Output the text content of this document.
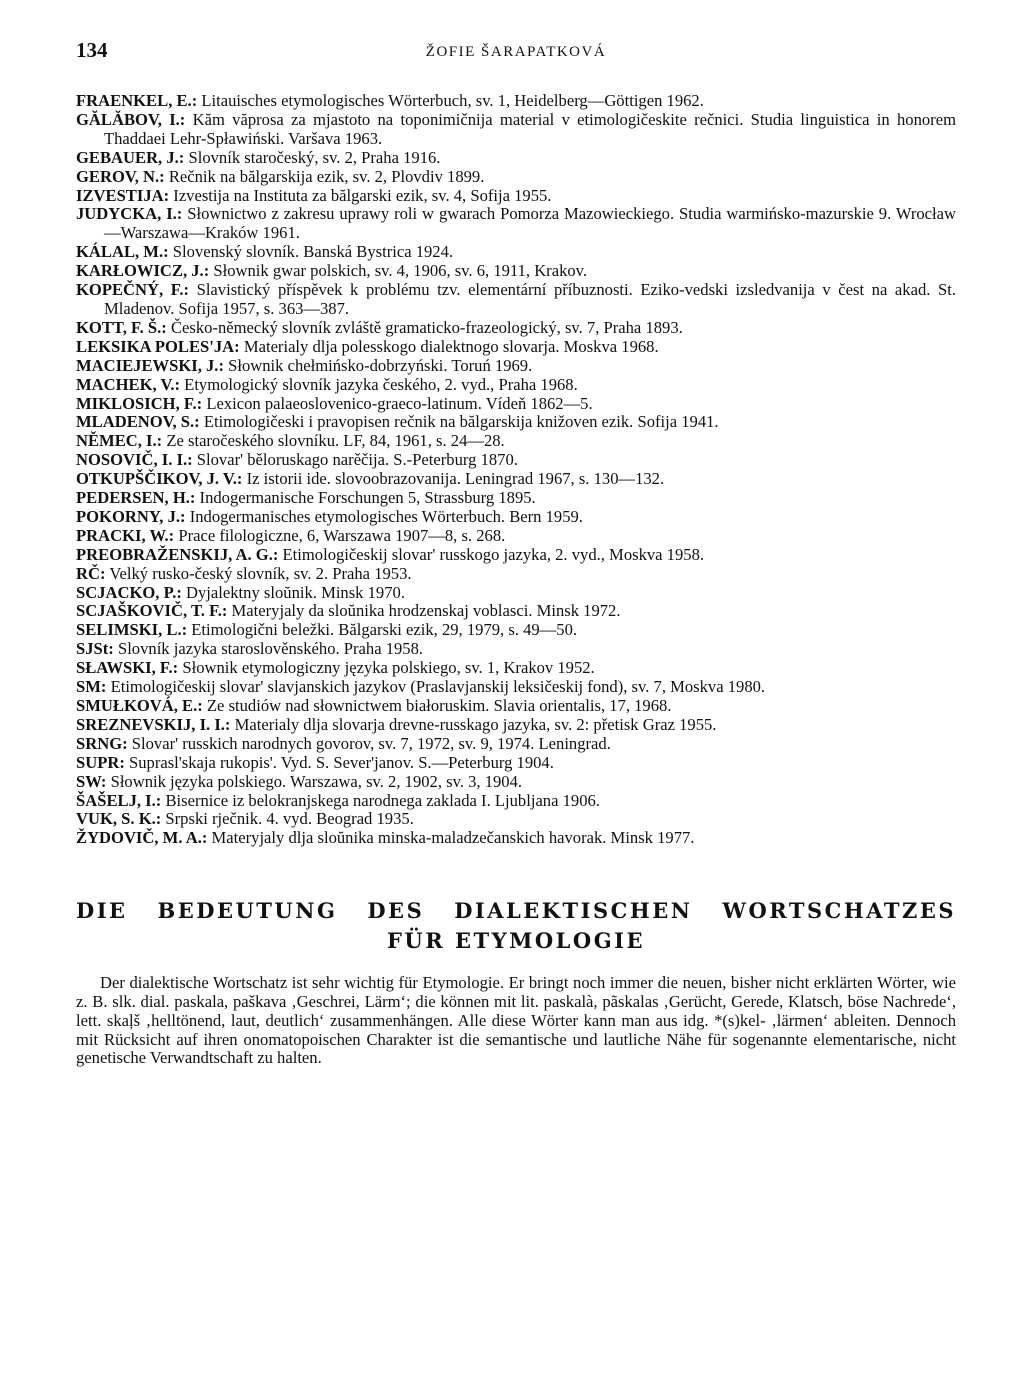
134	ŽOFIE ŠARAPATKOVÁ
FRAENKEL, E.: Litauisches etymologisches Wörterbuch, sv. 1, Heidelberg—Göttigen 1962.
GĂLĂBOV, I.: Kăm văprosa za mjastoto na toponimičnija material v etimologičeskite rečnici. Studia linguistica in honorem Thaddaei Lehr-Spławiński. Varšava 1963.
GEBAUER, J.: Slovník staročeský, sv. 2, Praha 1916.
GEROV, N.: Rečnik na bălgarskija ezik, sv. 2, Plovdiv 1899.
IZVESTIJA: Izvestija na Instituta za bălgarski ezik, sv. 4, Sofija 1955.
JUDYCKA, I.: Słownictwo z zakresu uprawy roli w gwarach Pomorza Mazowieckiego. Studia warmińsko-mazurskie 9. Wrocław—Warszawa—Kraków 1961.
KÁLAL, M.: Slovenský slovník. Banská Bystrica 1924.
KARŁOWICZ, J.: Słownik gwar polskich, sv. 4, 1906, sv. 6, 1911, Krakov.
KOPEČNÝ, F.: Slavistický příspěvek k problému tzv. elementární příbuznosti. Eziko-vedski izsledvanija v čest na akad. St. Mladenov. Sofija 1957, s. 363—387.
KOTT, F. Š.: Česko-německý slovník zvláště gramaticko-frazeologický, sv. 7, Praha 1893.
LEKSIKA POLES'JA: Materialy dlja polesskogo dialektnogo slovarja. Moskva 1968.
MACIEJEWSKI, J.: Słownik chełmińsko-dobrzyński. Toruń 1969.
MACHEK, V.: Etymologický slovník jazyka českého, 2. vyd., Praha 1968.
MIKLOSICH, F.: Lexicon palaeoslovenico-graeco-latinum. Vídeň 1862—5.
MLADENOV, S.: Etimologičeski i pravopisen rečnik na bălgarskija knižoven ezik. Sofija 1941.
NĚMEC, I.: Ze staročeského slovníku. LF, 84, 1961, s. 24—28.
NOSOVIČ, I. I.: Slovar' běloruskago narěčija. S.-Peterburg 1870.
OTKUPŠČIKOV, J. V.: Iz istorii ide. slovoobrazovanija. Leningrad 1967, s. 130—132.
PEDERSEN, H.: Indogermanische Forschungen 5, Strassburg 1895.
POKORNY, J.: Indogermanisches etymologisches Wörterbuch. Bern 1959.
PRACKI, W.: Prace filologiczne, 6, Warszawa 1907—8, s. 268.
PREOBRAŽENSKIJ, A. G.: Etimologičeskij slovar' russkogo jazyka, 2. vyd., Moskva 1958.
RČ: Velký rusko-český slovník, sv. 2. Praha 1953.
SCJACKO, P.: Dyjalektny sloŭnik. Minsk 1970.
SCJAŠKOVIČ, T. F.: Materyjaly da sloŭnika hrodzenskaj voblasci. Minsk 1972.
SELIMSKI, L.: Etimologični beležki. Bălgarski ezik, 29, 1979, s. 49—50.
SJSt: Slovník jazyka staroslověnského. Praha 1958.
SŁAWSKI, F.: Słownik etymologiczny języka polskiego, sv. 1, Krakov 1952.
SM: Etimologičeskij slovar' slavjanskich jazykov (Praslavjanskij leksičeskij fond), sv. 7, Moskva 1980.
SMUŁKOVÁ, E.: Ze studiów nad słownictwem białoruskim. Slavia orientalis, 17, 1968.
SREZNEVSKIJ, I. I.: Materialy dlja slovarja drevne-russkago jazyka, sv. 2: přetisk Graz 1955.
SRNG: Slovar' russkich narodnych govorov, sv. 7, 1972, sv. 9, 1974. Leningrad.
SUPR: Suprasl'skaja rukopis'. Vyd. S. Sever'janov. S.—Peterburg 1904.
SW: Słownik języka polskiego. Warszawa, sv. 2, 1902, sv. 3, 1904.
ŠAŠELJ, I.: Bisernice iz belokranjskega narodnega zaklada I. Ljubljana 1906.
VUK, S. K.: Srpski rječnik. 4. vyd. Beograd 1935.
ŽYDOVIČ, M. A.: Materyjaly dlja sloŭnika minska-maladzečanskich havorak. Minsk 1977.
DIE BEDEUTUNG DES DIALEKTISCHEN WORTSCHATZES
FÜR ETYMOLOGIE

Der dialektische Wortschatz ist sehr wichtig für Etymologie. Er bringt noch immer die neuen, bisher nicht erklärten Wörter, wie z. B. slk. dial. paskala, paškava ‚Geschrei, Lärm‘; die können mit lit. paskalà, pãskalas ‚Gerücht, Gerede, Klatsch, böse Nachrede‘, lett. skaļš ‚helltönend, laut, deutlich‘ zusammenhängen. Alle diese Wörter kann man aus idg. *(s)kel- ‚lärmen‘ ableiten. Dennoch mit Rücksicht auf ihren onomatopoischen Charakter ist die semantische und lautliche Nähe für sogenannte elementarische, nicht genetische Verwandtschaft zu halten.
